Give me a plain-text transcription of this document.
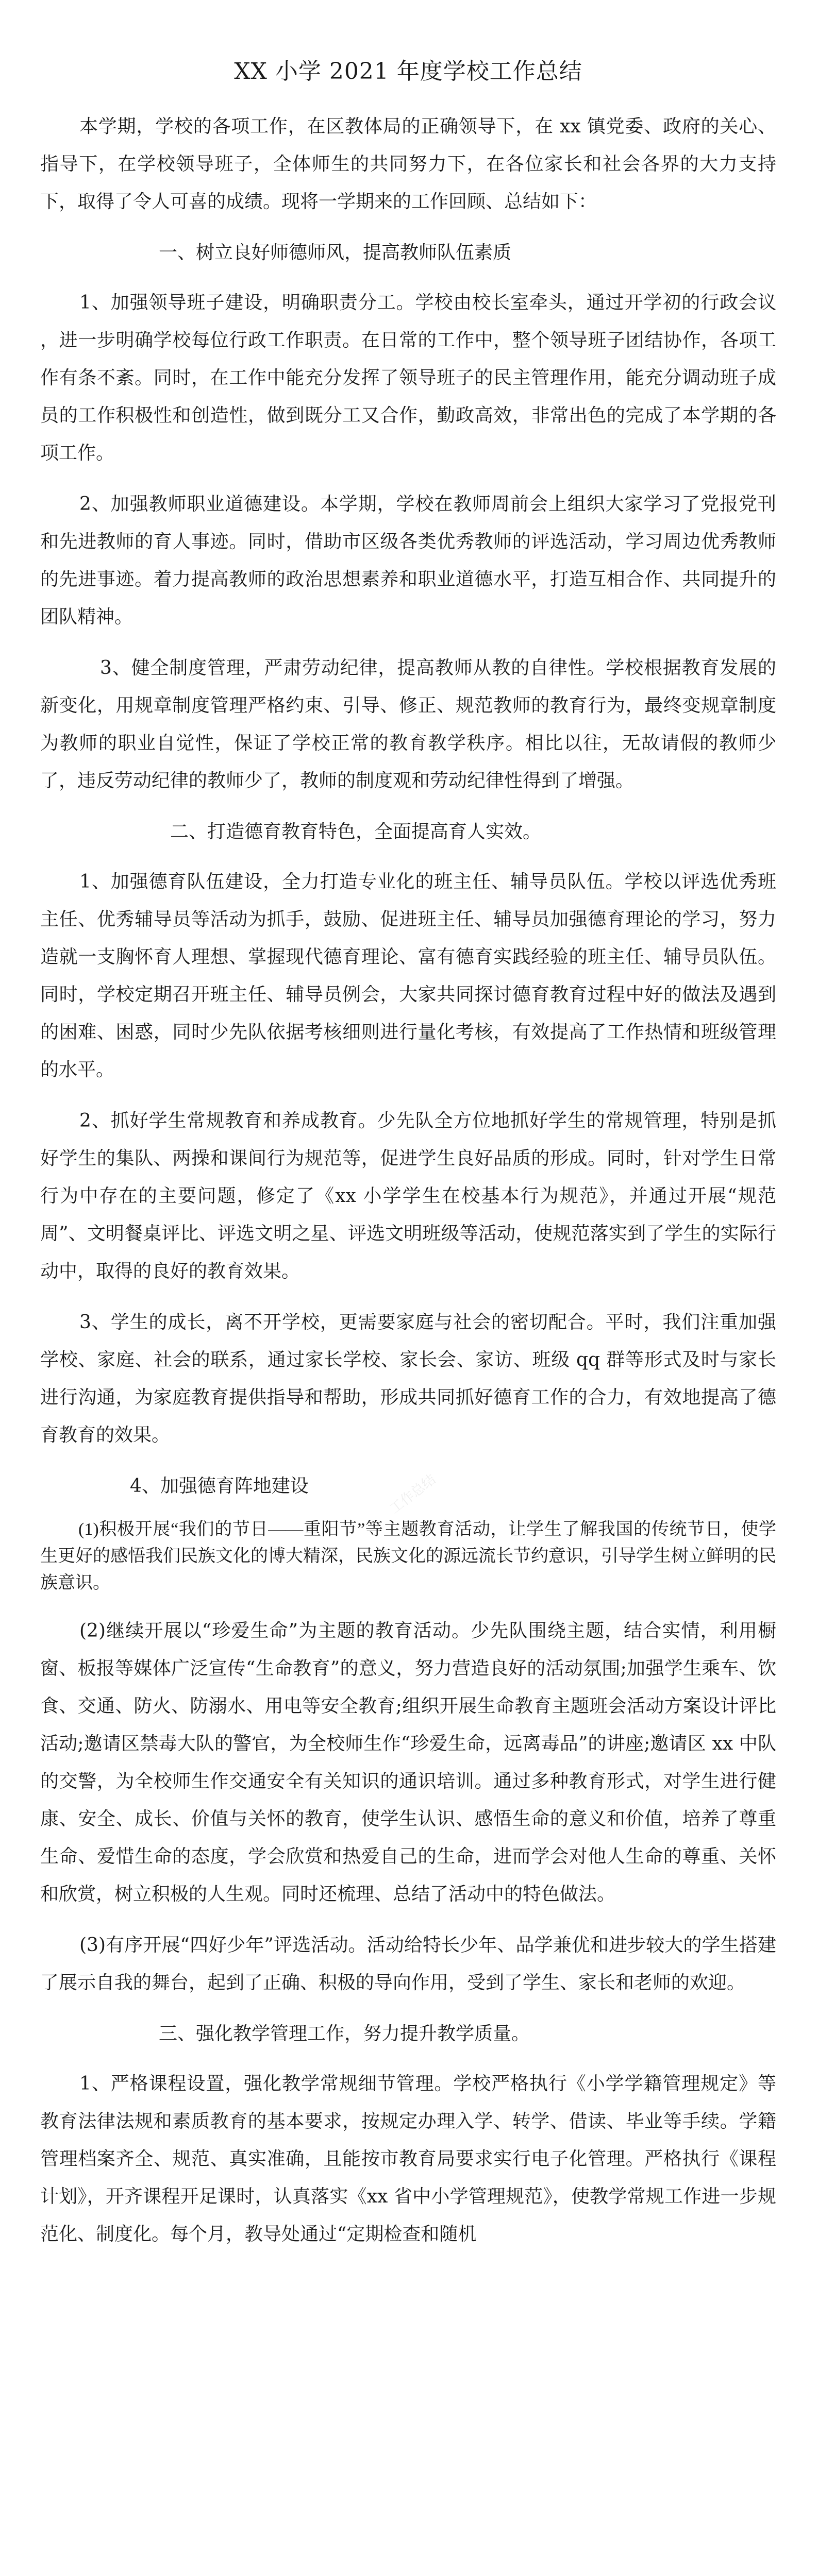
XX 小学 2021 年度学校工作总结

本学期，学校的各项工作，在区教体局的正确领导下，在 xx 镇党委、政府的关心、指导下，在学校领导班子，全体师生的共同努力下，在各位家长和社会各界的大力支持下，取得了令人可喜的成绩。现将一学期来的工作回顾、总结如下：

一、树立良好师德师风，提高教师队伍素质

1、加强领导班子建设，明确职责分工。学校由校长室牵头，通过开学初的行政会议 ，进一步明确学校每位行政工作职责。在日常的工作中，整个领导班子团结协作，各项工作有条不紊。同时，在工作中能充分发挥了领导班子的民主管理作用，能充分调动班子成员的工作积极性和创造性，做到既分工又合作，勤政高效，非常出色的完成了本学期的各项工作。

2、加强教师职业道德建设。本学期，学校在教师周前会上组织大家学习了党报党刊和先进教师的育人事迹。同时，借助市区级各类优秀教师的评选活动，学习周边优秀教师的先进事迹。着力提高教师的政治思想素养和职业道德水平，打造互相合作、共同提升的团队精神。

3、健全制度管理，严肃劳动纪律，提高教师从教的自律性。学校根据教育发展的新变化，用规章制度管理严格约束、引导、修正、规范教师的教育行为，最终变规章制度为教师的职业自觉性，保证了学校正常的教育教学秩序。相比以往，无故请假的教师少了，违反劳动纪律的教师少了，教师的制度观和劳动纪律性得到了增强。

二、打造德育教育特色，全面提高育人实效。

1、加强德育队伍建设，全力打造专业化的班主任、辅导员队伍。学校以评选优秀班主任、优秀辅导员等活动为抓手，鼓励、促进班主任、辅导员加强德育理论的学习，努力造就一支胸怀育人理想、掌握现代德育理论、富有德育实践经验的班主任、辅导员队伍。同时，学校定期召开班主任、辅导员例会，大家共同探讨德育教育过程中好的做法及遇到的困难、困惑，同时少先队依据考核细则进行量化考核，有效提高了工作热情和班级管理的水平。

2、抓好学生常规教育和养成教育。少先队全方位地抓好学生的常规管理，特别是抓好学生的集队、两操和课间行为规范等，促进学生良好品质的形成。同时，针对学生日常行为中存在的主要问题，修定了《xx 小学学生在校基本行为规范》，并通过开展“规范周”、文明餐桌评比、评选文明之星、评选文明班级等活动，使规范落实到了学生的实际行动中，取得的良好的教育效果。

3、学生的成长，离不开学校，更需要家庭与社会的密切配合。平时，我们注重加强学校、家庭、社会的联系，通过家长学校、家长会、家访、班级 qq 群等形式及时与家长进行沟通，为家庭教育提供指导和帮助，形成共同抓好德育工作的合力，有效地提高了德育教育的效果。

4、加强德育阵地建设

(1)积极开展“我们的节日——重阳节”等主题教育活动，让学生了解我国的传统节日，使学生更好的感悟我们民族文化的博大精深，民族文化的源远流长节约意识，引导学生树立鲜明的民族意识。

(2)继续开展以“珍爱生命”为主题的教育活动。少先队围绕主题，结合实情，利用橱窗、板报等媒体广泛宣传“生命教育”的意义，努力营造良好的活动氛围;加强学生乘车、饮食、交通、防火、防溺水、用电等安全教育;组织开展生命教育主题班会活动方案设计评比活动;邀请区禁毒大队的警官，为全校师生作“珍爱生命，远离毒品”的讲座;邀请区 xx 中队的交警，为全校师生作交通安全有关知识的通识培训。通过多种教育形式，对学生进行健康、安全、成长、价值与关怀的教育，使学生认识、感悟生命的意义和价值，培养了尊重生命、爱惜生命的态度，学会欣赏和热爱自己的生命，进而学会对他人生命的尊重、关怀和欣赏，树立积极的人生观。同时还梳理、总结了活动中的特色做法。

(3)有序开展“四好少年”评选活动。活动给特长少年、品学兼优和进步较大的学生搭建了展示自我的舞台，起到了正确、积极的导向作用，受到了学生、家长和老师的欢迎。

三、强化教学管理工作，努力提升教学质量。

1、严格课程设置，强化教学常规细节管理。学校严格执行《小学学籍管理规定》等教育法律法规和素质教育的基本要求，按规定办理入学、转学、借读、毕业等手续。学籍管理档案齐全、规范、真实准确，且能按市教育局要求实行电子化管理。严格执行《课程计划》，开齐课程开足课时，认真落实《xx 省中小学管理规范》，使教学常规工作进一步规范化、制度化。每个月，教导处通过“定期检查和随机

工作总结
